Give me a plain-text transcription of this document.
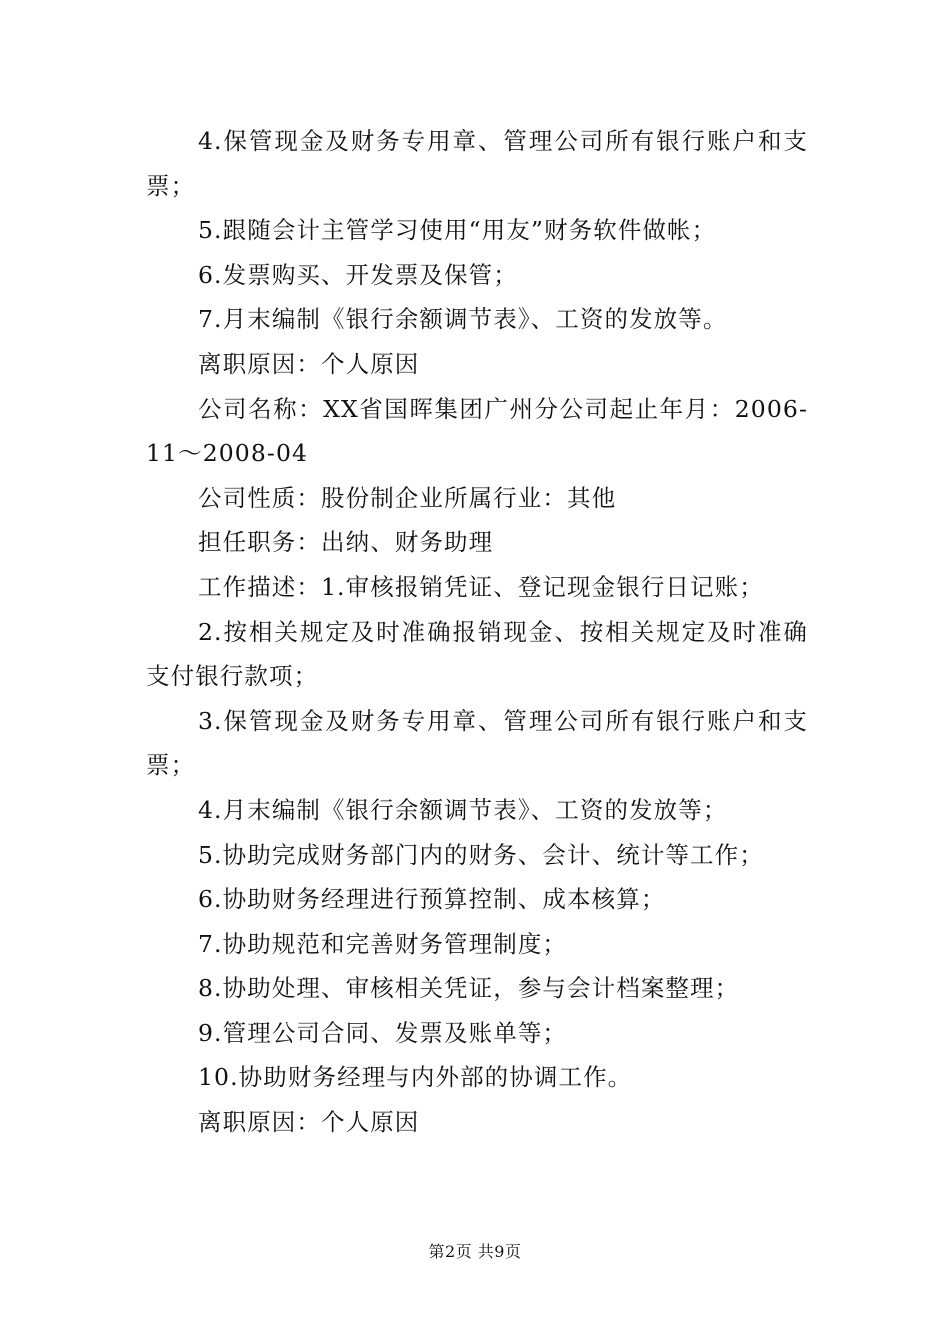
4.保管现金及财务专用章、管理公司所有银行账户和支票；

5.跟随会计主管学习使用“用友”财务软件做帐；

6.发票购买、开发票及保管；

7.月末编制《银行余额调节表》、工资的发放等。

离职原因：个人原因

公司名称：XX省国晖集团广州分公司起止年月：2006-11～2008-04

公司性质：股份制企业所属行业：其他

担任职务：出纳、财务助理

工作描述：1.审核报销凭证、登记现金银行日记账；

2.按相关规定及时准确报销现金、按相关规定及时准确支付银行款项；

3.保管现金及财务专用章、管理公司所有银行账户和支票；

4.月末编制《银行余额调节表》、工资的发放等；

5.协助完成财务部门内的财务、会计、统计等工作；

6.协助财务经理进行预算控制、成本核算；

7.协助规范和完善财务管理制度；

8.协助处理、审核相关凭证，参与会计档案整理；

9.管理公司合同、发票及账单等；

10.协助财务经理与内外部的协调工作。

离职原因：个人原因

第2页 共9页
